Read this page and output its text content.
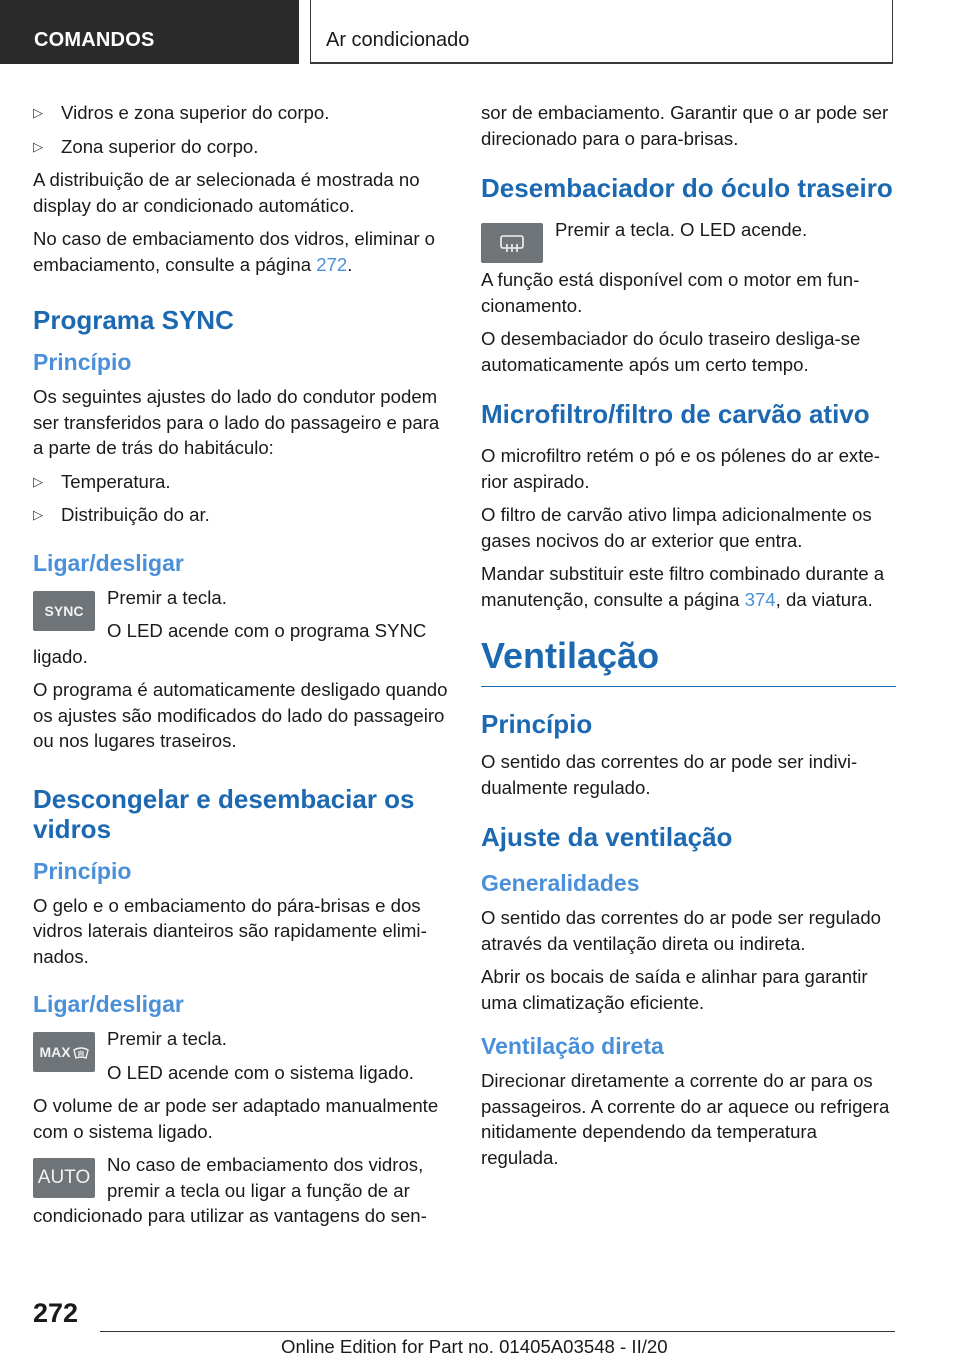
COMANDOS	Ar condicionado
▷ Vidros e zona superior do corpo.
▷ Zona superior do corpo.

A distribuição de ar selecionada é mostrada no display do ar condicionado automático.

No caso de embaciamento dos vidros, eliminar o embaciamento, consulte a página 272.

Programa SYNC
Princípio

Os seguintes ajustes do lado do condutor podem ser transferidos para o lado do passageiro e para a parte de trás do habitáculo:

▷ Temperatura.
▷ Distribuição do ar.
Ligar/desligar
SYNC

Premir a tecla.

O LED acende com o programa SYNC ligado.

O programa é automaticamente desligado quando os ajustes são modificados do lado do passageiro ou nos lugares traseiros.

Descongelar e desembaciar os vidros
Princípio

O gelo e o embaciamento do pára-brisas e dos vidros laterais dianteiros são rapidamente eliminados.

Ligar/desligar
MAX

Premir a tecla.

O LED acende com o sistema ligado.

O volume de ar pode ser adaptado manualmente com o sistema ligado.

AUTO

No caso de embaciamento dos vidros, premir a tecla ou ligar a função de ar condicionado para utilizar as vantagens do sen-

sor de embaciamento. Garantir que o ar pode ser direcionado para o para-brisas.

Desembaciador do óculo traseiro

Premir a tecla. O LED acende.

A função está disponível com o motor em funcionamento.

O desembaciador do óculo traseiro desliga-se automaticamente após um certo tempo.

Microfiltro/filtro de carvão ativo

O microfiltro retém o pó e os pólenes do ar exterior aspirado.

O filtro de carvão ativo limpa adicionalmente os gases nocivos do ar exterior que entra.

Mandar substituir este filtro combinado durante a manutenção, consulte a página 374, da viatura.

Ventilação
Princípio

O sentido das correntes do ar pode ser individualmente regulado.

Ajuste da ventilação
Generalidades

O sentido das correntes do ar pode ser regulado através da ventilação direta ou indireta.

Abrir os bocais de saída e alinhar para garantir uma climatização eficiente.

Ventilação direta

Direcionar diretamente a corrente do ar para os passageiros. A corrente do ar aquece ou refrigera nitidamente dependendo da temperatura regulada.

272
Online Edition for Part no. 01405A03548 - II/20
